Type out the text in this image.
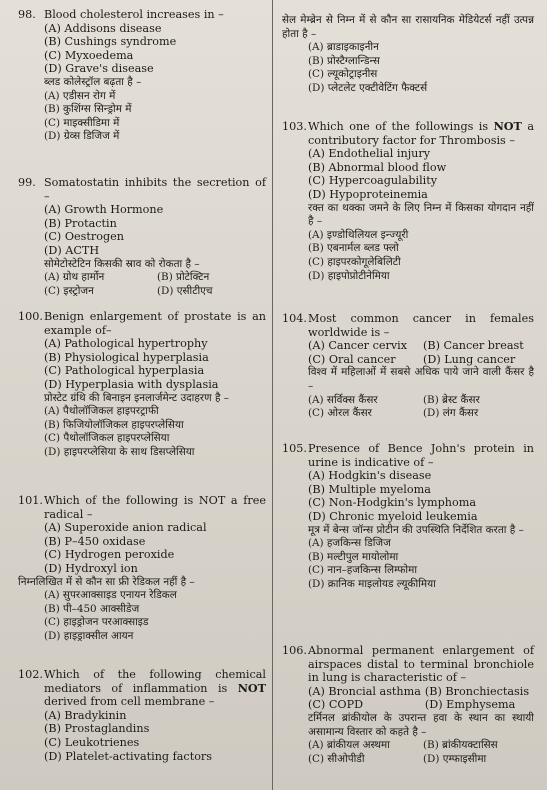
98. Blood cholesterol increases in –
(A) Addisons disease
(B) Cushings syndrome
(C) Myxoedema
(D) Grave's disease
ब्लड कोलेस्ट्रॉल बढ़ता है –
(A) एडीसन रोग में
(B) कुशिंग्स सिन्ड्रोम में
(C) माइक्सीडिमा में
(D) ग्रेव्स डिजिज में
99. Somatostatin inhibits the secretion of –
(A) Growth Hormone
(B) Protactin
(C) Oestrogen
(D) ACTH
सोमेटोस्टेटिन किसकी स्राव को रोकता है –
(A) ग्रोथ हार्मोन	(B) प्रोटेक्टिन
(C) इस्ट्रोजन	(D) एसीटीएच
100. Benign enlargement of prostate is an example of–
(A) Pathological hypertrophy
(B) Physiological hyperplasia
(C) Pathological hyperplasia
(D) Hyperplasia with dysplasia
प्रोस्टेट ग्रंथि की बिनाइन इनलार्जमेन्ट उदाहरण है –
(A) पैथोलॉजिकल हाइपरट्राफी
(B) फिजियोलॉजिकल हाइपरप्लेसिया
(C) पैथोलॉजिकल हाइपरप्लेसिया
(D) हाइपरप्लेसिया के साथ डिसप्लेसिया
101. Which of the following is NOT a free radical –
(A) Superoxide anion radical
(B) P–450 oxidase
(C) Hydrogen peroxide
(D) Hydroxyl ion
निम्नलिखित में से कौन सा फ्री रेडिकल नहीं है –
(A) सुपरआक्साइड एनायन रेडिकल
(B) पी–450 आक्सीडेज
(C) हाइड्रोजन परआक्साइड
(D) हाइड्राक्सील आयन
102. Which of the following chemical mediators of inflammation is NOT derived from cell membrane –
(A) Bradykinin
(B) Prostaglandins
(C) Leukotrienes
(D) Platelet-activating factors
सेल मेम्ब्रेन से निम्न में से कौन सा रासायनिक मेडियेटर्स नहीं उत्पन्न होता है –
(A) ब्राडाइकाइनीन
(B) प्रोस्टैग्लान्डिन्स
(C) ल्यूकोट्राइनीस
(D) प्लेटलेट एक्टीवेटिंग फैक्टर्स
103. Which one of the followings is NOT a contributory factor for Thrombosis –
(A) Endothelial injury
(B) Abnormal blood flow
(C) Hypercoagulability
(D) Hypoproteinemia
रक्त का थक्का जमने के लिए निम्न में किसका योगदान नहीं है –
(A) इण्डोथिलियल इन्ज्यूरी
(B) एबनार्मल ब्लड फ्लो
(C) हाइपरकोगूलेबिलिटी
(D) हाइपोप्रोटीनेमिया
104. Most common cancer in females worldwide is –
(A) Cancer cervix	(B) Cancer breast
(C) Oral cancer	(D) Lung cancer
विश्व में महिलाओं में सबसे अधिक पाये जाने वाली कैंसर है –
(A) सर्विक्स कैंसर	(B) ब्रेस्ट कैंसर
(C) ओरल कैंसर	(D) लंग कैंसर
105. Presence of Bence John's protein in urine is indicative of –
(A) Hodgkin's disease
(B) Multiple myeloma
(C) Non-Hodgkin's lymphoma
(D) Chronic myeloid leukemia
मूत्र में बेन्स जॉन्स प्रोटीन की उपस्थिति निर्देशित करता है –
(A) हजकिन्स डिजिज
(B) मल्टीपुल मायोलोमा
(C) नान–हजकिन्स लिम्फोमा
(D) क्रानिक माइलोयड ल्यूकीमिया
106. Abnormal permanent enlargement of airspaces distal to terminal bronchiole in lung is characteristic of –
(A) Broncial asthma (B) Bronchiectasis
(C) COPD	(D) Emphysema
टर्मिनल ब्रांकीयोल के उपरान्त हवा के स्थान का स्थायी असामान्य विस्तार को कहते है –
(A) ब्रांकीयल अस्थमा	(B) ब्रांकीयक्टासिस
(C) सीओपीडी	(D) एम्फाइसीमा
